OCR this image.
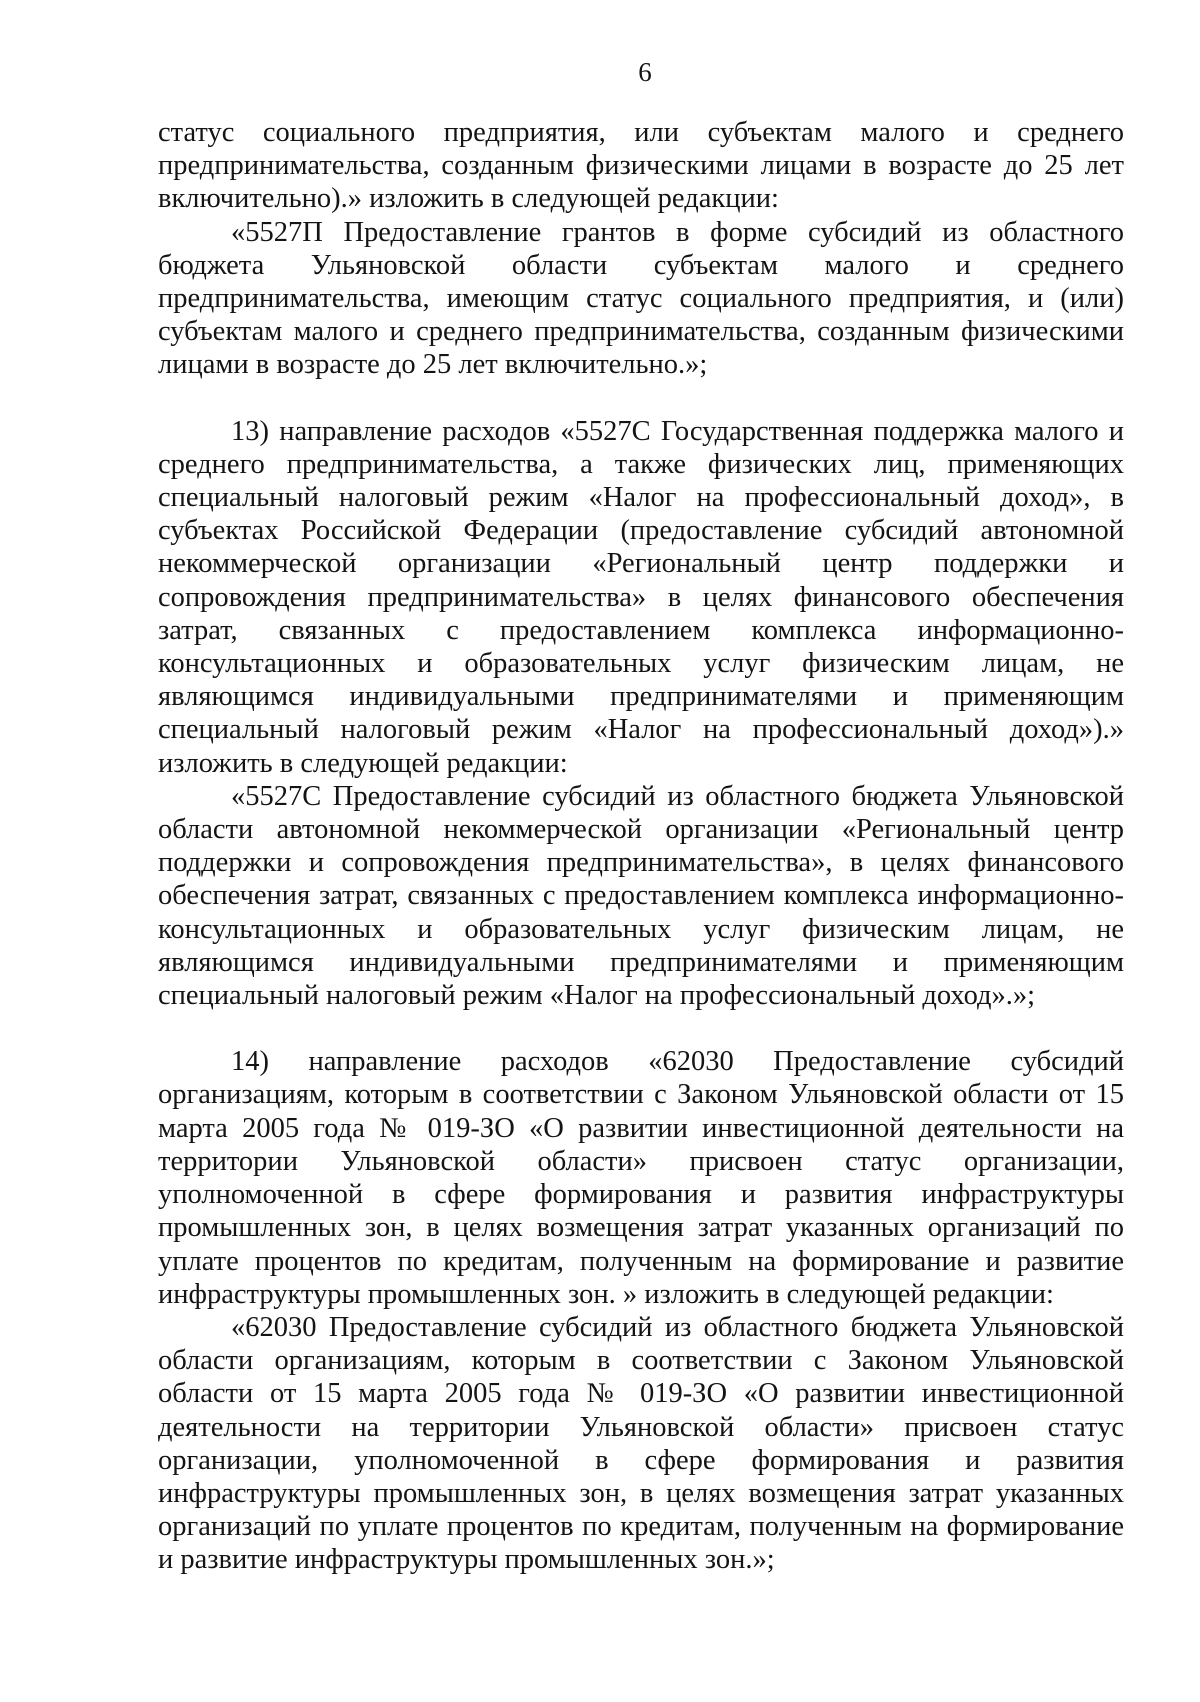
6

статус социального предприятия, или субъектам малого и среднего предпринимательства, созданным физическими лицами в возрасте до 25 лет включительно).» изложить в следующей редакции:

«5527П Предоставление грантов в форме субсидий из областного бюджета Ульяновской области субъектам малого и среднего предпринимательства, имеющим статус социального предприятия, и (или) субъектам малого и среднего предпринимательства, созданным физическими лицами в возрасте до 25 лет включительно.»;

13) направление расходов «5527С Государственная поддержка малого и среднего предпринимательства, а также физических лиц, применяющих специальный налоговый режим «Налог на профессиональный доход», в субъектах Российской Федерации (предоставление субсидий автономной некоммерческой организации «Региональный центр поддержки и сопровождения предпринимательства» в целях финансового обеспечения затрат, связанных с предоставлением комплекса информационно-консультационных и образовательных услуг физическим лицам, не являющимся индивидуальными предпринимателями и применяющим специальный налоговый режим «Налог на профессиональный доход»).» изложить в следующей редакции:

«5527С Предоставление субсидий из областного бюджета Ульяновской области автономной некоммерческой организации «Региональный центр поддержки и сопровождения предпринимательства», в целях финансового обеспечения затрат, связанных с предоставлением комплекса информационно-консультационных и образовательных услуг физическим лицам, не являющимся индивидуальными предпринимателями и применяющим специальный налоговый режим «Налог на профессиональный доход».»;

14) направление расходов «62030 Предоставление субсидий организациям, которым в соответствии с Законом Ульяновской области от 15 марта 2005 года № 019-ЗО «О развитии инвестиционной деятельности на территории Ульяновской области» присвоен статус организации, уполномоченной в сфере формирования и развития инфраструктуры промышленных зон, в целях возмещения затрат указанных организаций по уплате процентов по кредитам, полученным на формирование и развитие инфраструктуры промышленных зон. » изложить в следующей редакции:

«62030 Предоставление субсидий из областного бюджета Ульяновской области организациям, которым в соответствии с Законом Ульяновской области от 15 марта 2005 года № 019-ЗО «О развитии инвестиционной деятельности на территории Ульяновской области» присвоен статус организации, уполномоченной в сфере формирования и развития инфраструктуры промышленных зон, в целях возмещения затрат указанных организаций по уплате процентов по кредитам, полученным на формирование и развитие инфраструктуры промышленных зон.»;
